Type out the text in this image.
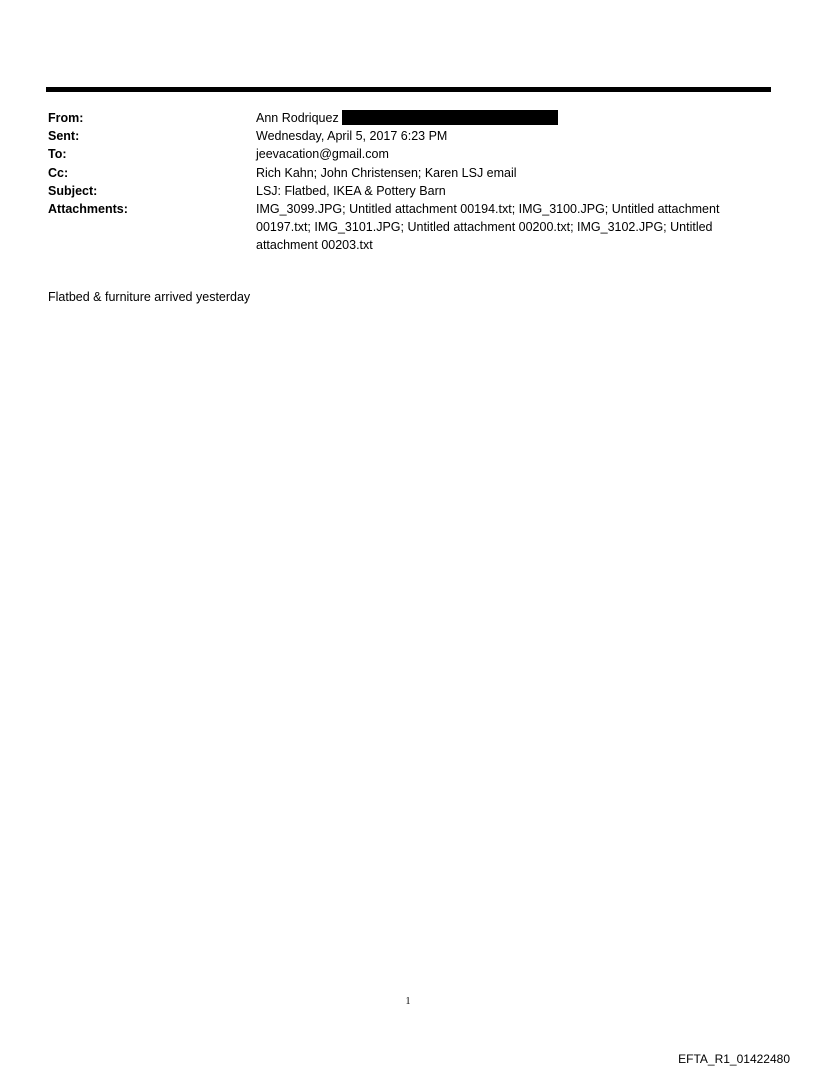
From:	Ann Rodriquez
Sent:	Wednesday, April 5, 2017 6:23 PM
To:	jeevacation@gmail.com
Cc:	Rich Kahn; John Christensen; Karen LSJ email
Subject:	LSJ: Flatbed, IKEA & Pottery Barn
Attachments:	IMG_3099.JPG; Untitled attachment 00194.txt; IMG_3100.JPG; Untitled attachment 00197.txt; IMG_3101.JPG; Untitled attachment 00200.txt; IMG_3102.JPG; Untitled attachment 00203.txt
Flatbed & furniture arrived yesterday
1
EFTA_R1_01422480
